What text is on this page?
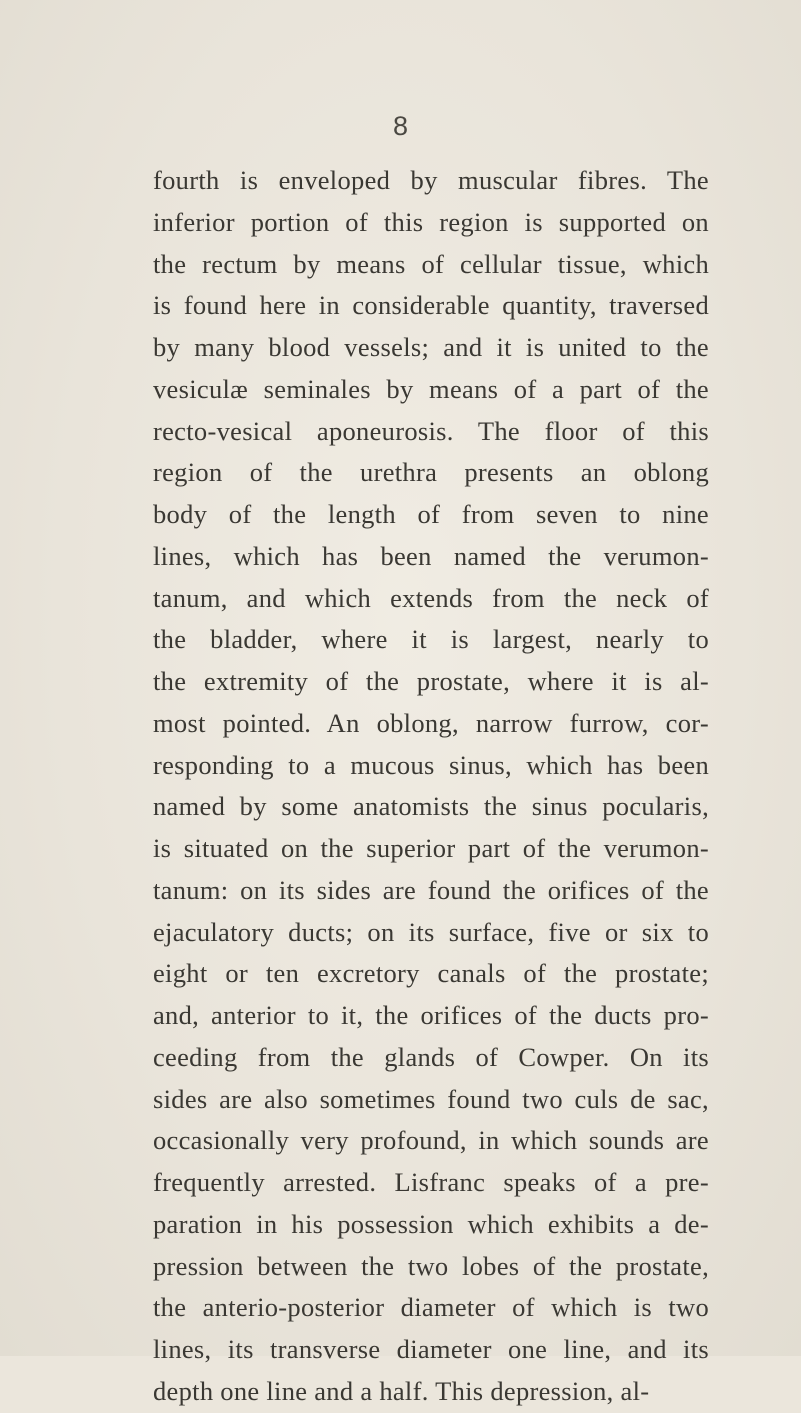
8
fourth is enveloped by muscular fibres. The
inferior portion of this region is supported on
the rectum by means of cellular tissue, which
is found here in considerable quantity, traversed
by many blood vessels; and it is united to the
vesiculæ seminales by means of a part of the
recto-vesical aponeurosis. The floor of this
region of the urethra presents an oblong
body of the length of from seven to nine
lines, which has been named the verumon-
tanum, and which extends from the neck of
the bladder, where it is largest, nearly to
the extremity of the prostate, where it is al-
most pointed. An oblong, narrow furrow, cor-
responding to a mucous sinus, which has been
named by some anatomists the sinus pocularis,
is situated on the superior part of the verumon-
tanum: on its sides are found the orifices of the
ejaculatory ducts; on its surface, five or six to
eight or ten excretory canals of the prostate;
and, anterior to it, the orifices of the ducts pro-
ceeding from the glands of Cowper. On its
sides are also sometimes found two culs de sac,
occasionally very profound, in which sounds are
frequently arrested. Lisfranc speaks of a pre-
paration in his possession which exhibits a de-
pression between the two lobes of the prostate,
the anterio-posterior diameter of which is two
lines, its transverse diameter one line, and its
depth one line and a half. This depression, al-
